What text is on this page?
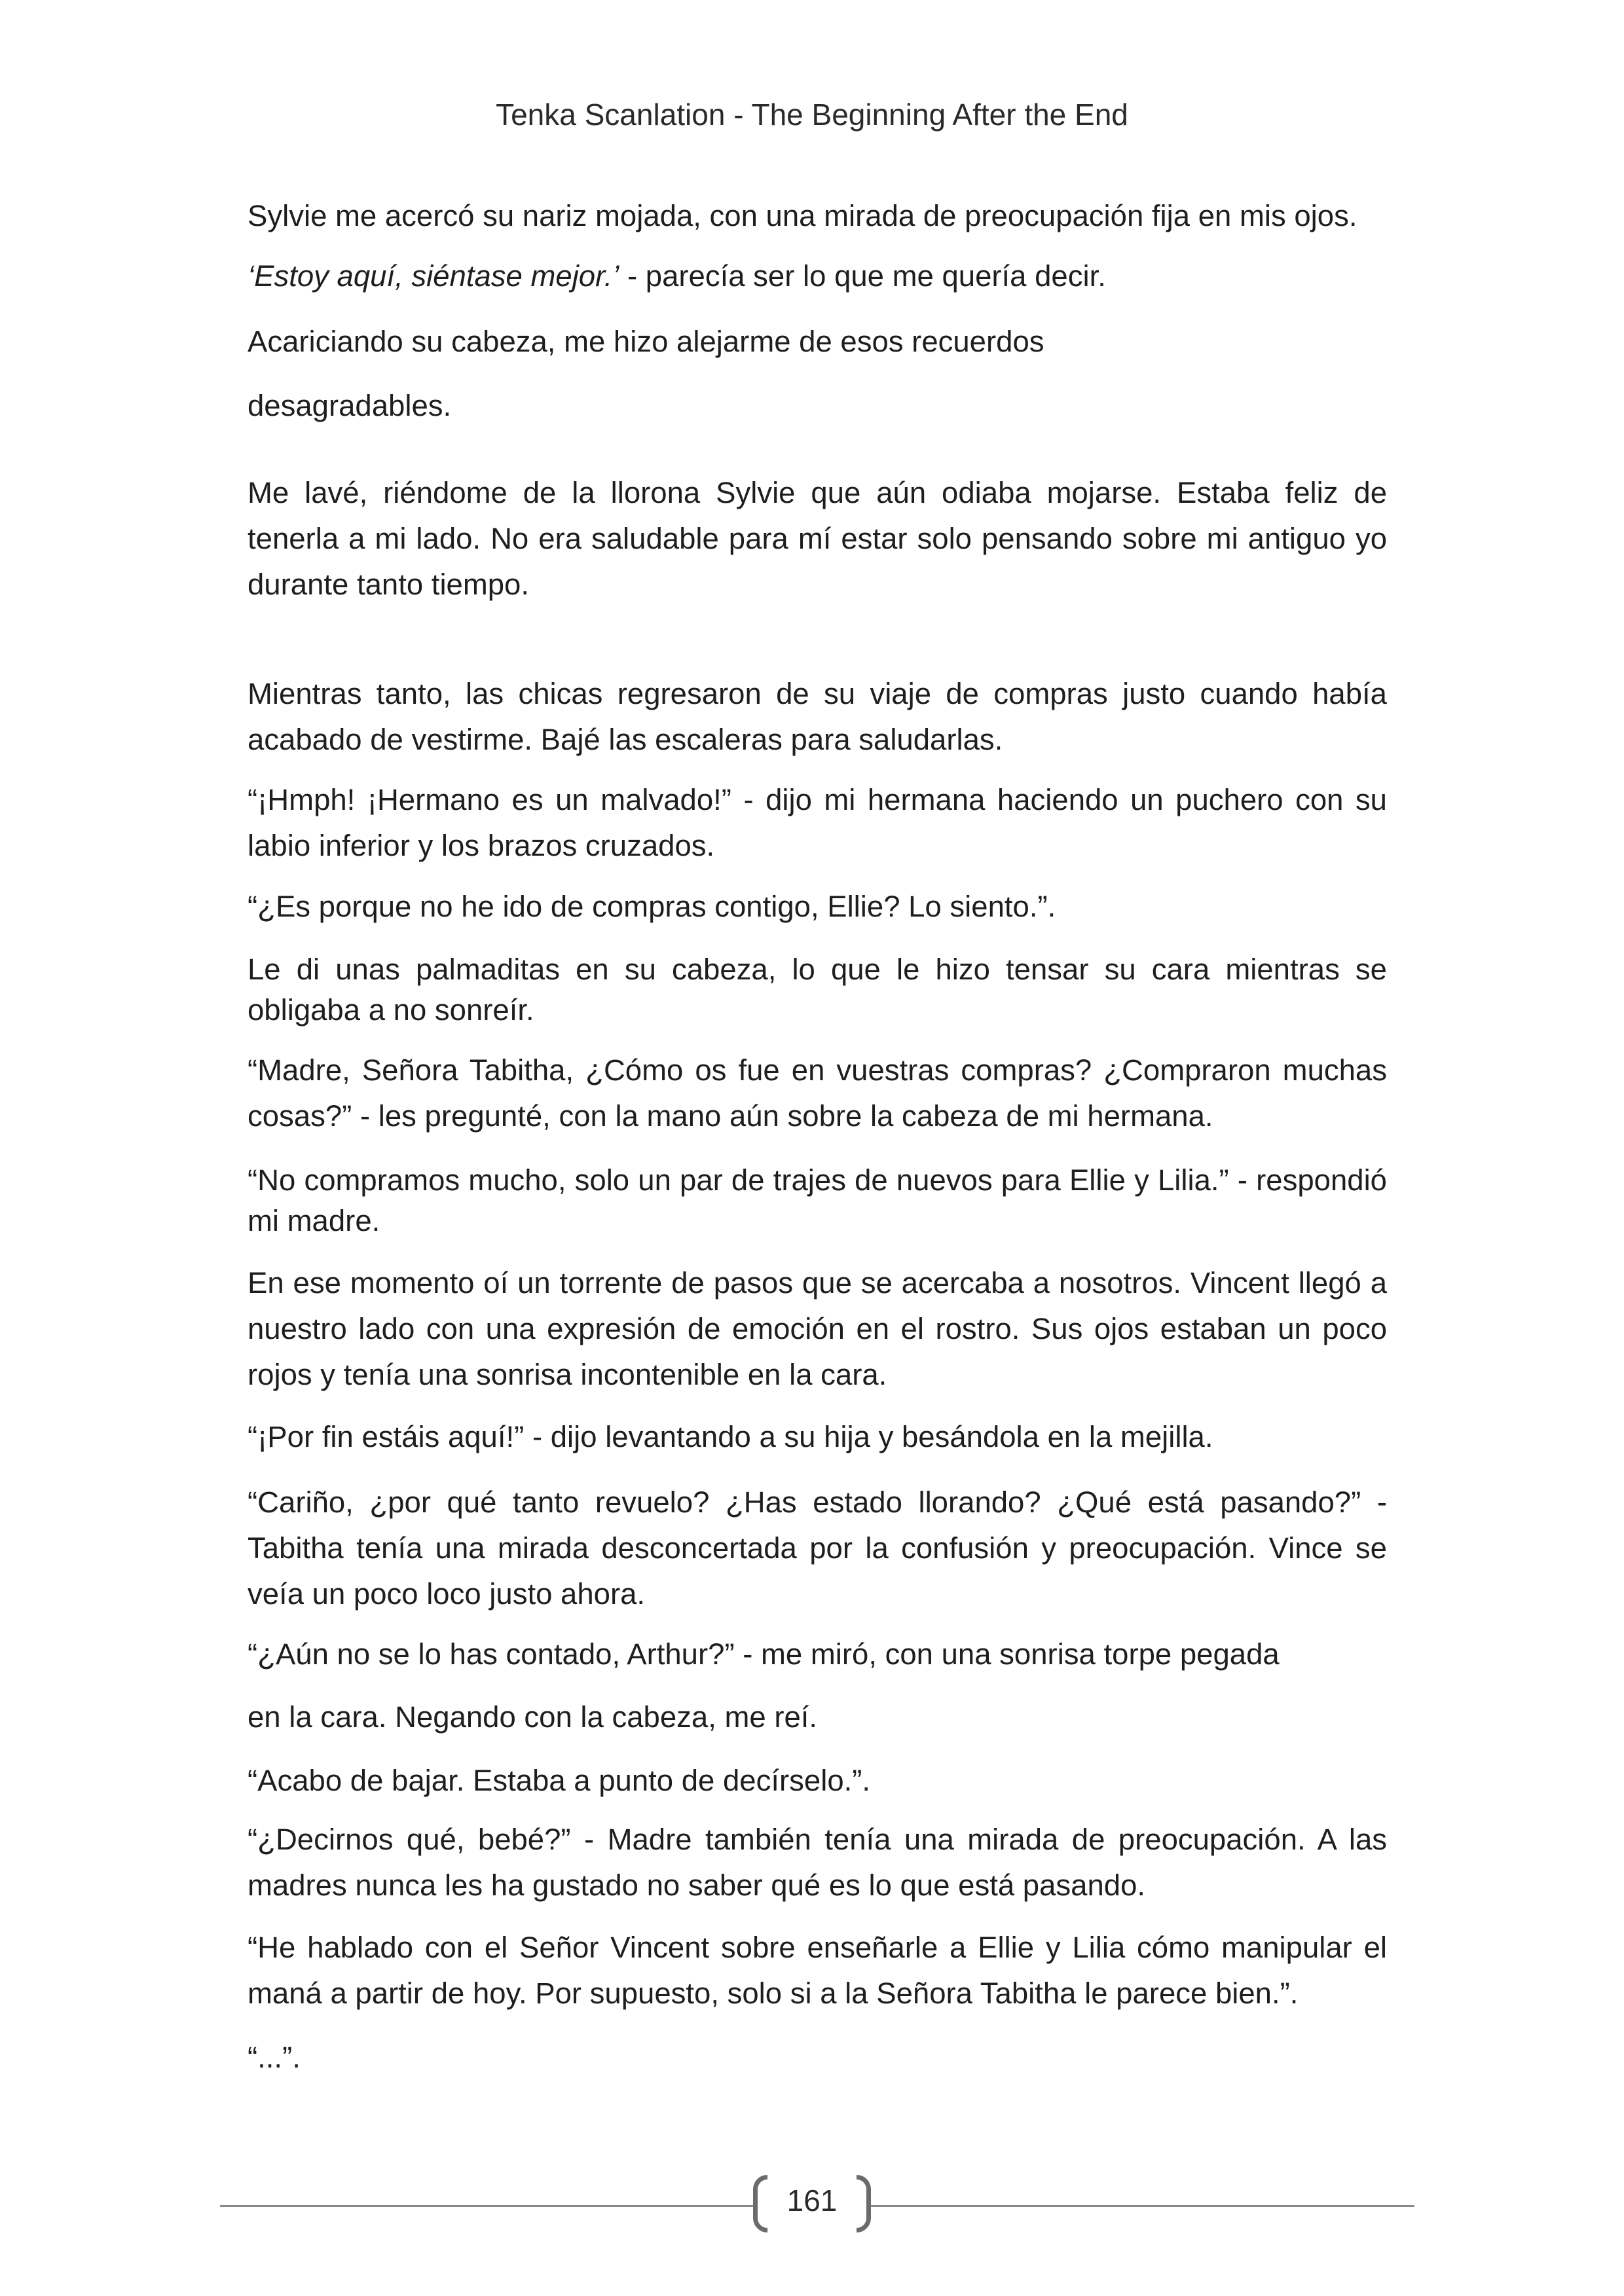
Tenka Scanlation - The Beginning After the End

Sylvie me acercó su nariz mojada, con una mirada de preocupación fija en mis ojos.

‘Estoy aquí, siéntase mejor.’ - parecía ser lo que me quería decir.

Acariciando su cabeza, me hizo alejarme de esos recuerdos

desagradables.

Me lavé, riéndome de la llorona Sylvie que aún odiaba mojarse. Estaba feliz de tenerla a mi lado. No era saludable para mí estar solo pensando sobre mi antiguo yo durante tanto tiempo.

Mientras tanto, las chicas regresaron de su viaje de compras justo cuando había acabado de vestirme. Bajé las escaleras para saludarlas.

“¡Hmph! ¡Hermano es un malvado!” - dijo mi hermana haciendo un puchero con su labio inferior y los brazos cruzados.

“¿Es porque no he ido de compras contigo, Ellie? Lo siento.”.

Le di unas palmaditas en su cabeza, lo que le hizo tensar su cara mientras se obligaba a no sonreír.

“Madre, Señora Tabitha, ¿Cómo os fue en vuestras compras? ¿Compraron muchas cosas?” - les pregunté, con la mano aún sobre la cabeza de mi hermana.

“No compramos mucho, solo un par de trajes de nuevos para Ellie y Lilia.” - respondió mi madre.

En ese momento oí un torrente de pasos que se acercaba a nosotros. Vincent llegó a nuestro lado con una expresión de emoción en el rostro. Sus ojos estaban un poco rojos y tenía una sonrisa incontenible en la cara.

“¡Por fin estáis aquí!” - dijo levantando a su hija y besándola en la mejilla.

“Cariño, ¿por qué tanto revuelo? ¿Has estado llorando? ¿Qué está pasando?” - Tabitha tenía una mirada desconcertada por la confusión y preocupación. Vince se veía un poco loco justo ahora.

“¿Aún no se lo has contado, Arthur?” - me miró, con una sonrisa torpe pegada

en la cara. Negando con la cabeza, me reí.

“Acabo de bajar. Estaba a punto de decírselo.”.

“¿Decirnos qué, bebé?” - Madre también tenía una mirada de preocupación. A las madres nunca les ha gustado no saber qué es lo que está pasando.

“He hablado con el Señor Vincent sobre enseñarle a Ellie y Lilia cómo manipular el maná a partir de hoy. Por supuesto, solo si a la Señora Tabitha le parece bien.”.

“...”.

161
